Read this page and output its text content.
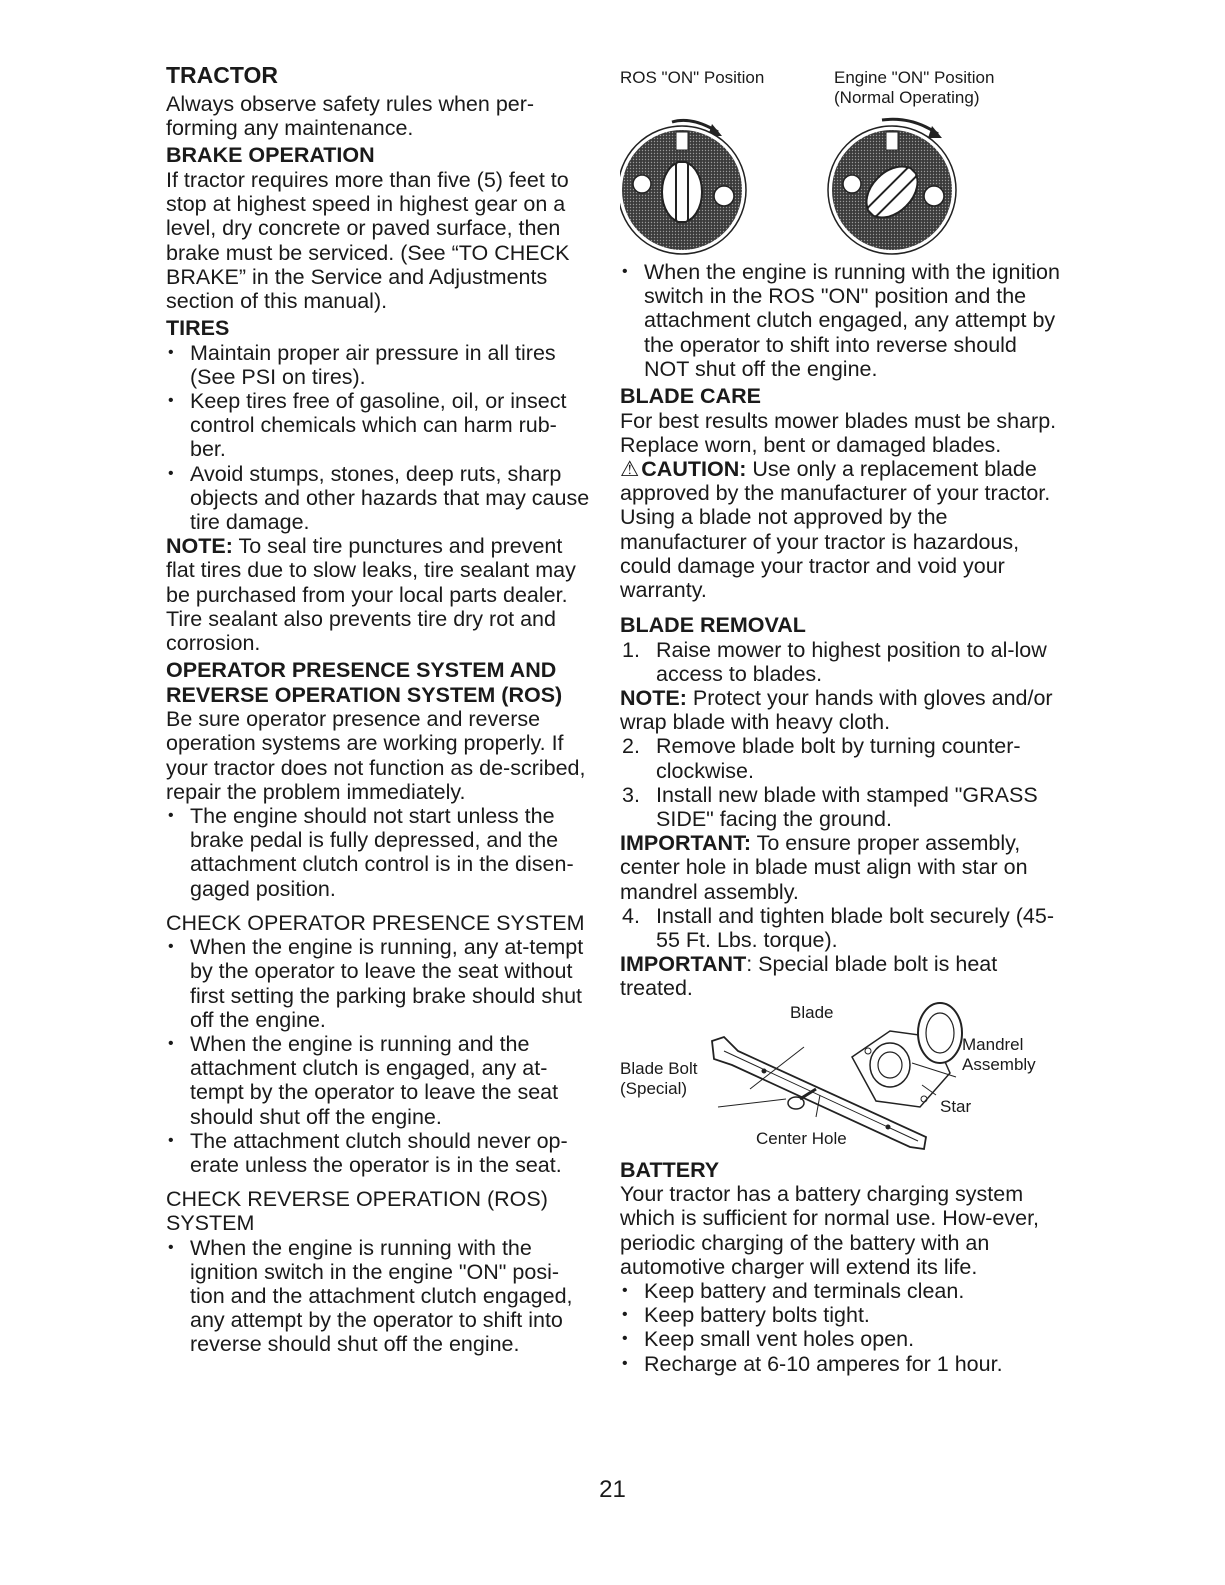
TRACTOR

Always observe safety rules when per-forming any maintenance.

BRAKE OPERATION

If tractor requires more than five (5) feet to stop at highest speed in highest gear on a level, dry concrete or paved surface, then brake must be serviced. (See “TO CHECK BRAKE” in the Service and Adjustments section of this manual).

TIRES

• Maintain proper air pressure in all tires (See PSI on tires).
• Keep tires free of gasoline, oil, or insect control chemicals which can harm rub-ber.
• Avoid stumps, stones, deep ruts, sharp objects and other hazards that may cause tire damage.

NOTE: To seal tire punctures and prevent flat tires due to slow leaks, tire sealant may be purchased from your local parts dealer. Tire sealant also prevents tire dry rot and corrosion.

OPERATOR PRESENCE SYSTEM AND REVERSE OPERATION SYSTEM (ROS)

Be sure operator presence and reverse operation systems are working properly. If your tractor does not function as de-scribed, repair the problem immediately.

• The engine should not start unless the brake pedal is fully depressed, and the attachment clutch control is in the disen-gaged position.

CHECK OPERATOR PRESENCE SYSTEM

• When the engine is running, any at-tempt by the operator to leave the seat without first setting the parking brake should shut off the engine.
• When the engine is running and the attachment clutch is engaged, any at-tempt by the operator to leave the seat should shut off the engine.
• The attachment clutch should never op-erate unless the operator is in the seat.

CHECK REVERSE OPERATION (ROS) SYSTEM

• When the engine is running with the ignition switch in the engine "ON" posi-tion and the attachment clutch engaged, any attempt by the operator to shift into reverse should shut off the engine.
ROS "ON" Position	Engine "ON" Position
(Normal Operating)
• When the engine is running with the ignition switch in the ROS "ON" position and the attachment clutch engaged, any attempt by the operator to shift into reverse should NOT shut off the engine.

BLADE CARE

For best results mower blades must be sharp. Replace worn, bent or damaged blades.

⚠CAUTION: Use only a replacement blade approved by the manufacturer of your tractor. Using a blade not approved by the manufacturer of your tractor is hazardous, could damage your tractor and void your warranty.

BLADE REMOVAL

1. Raise mower to highest position to al-low access to blades.

NOTE: Protect your hands with gloves and/or wrap blade with heavy cloth.

2. Remove blade bolt by turning counter-clockwise.
3. Install new blade with stamped "GRASS SIDE" facing the ground.

IMPORTANT: To ensure proper assembly, center hole in blade must align with star on mandrel assembly.

4. Install and tighten blade bolt securely (45-55 Ft. Lbs. torque).

IMPORTANT: Special blade bolt is heat treated.

Blade
Mandrel
Assembly
Blade Bolt
(Special)
Star
Center Hole

BATTERY

Your tractor has a battery charging system which is sufficient for normal use. How-ever, periodic charging of the battery with an automotive charger will extend its life.

• Keep battery and terminals clean.
• Keep battery bolts tight.
• Keep small vent holes open.
• Recharge at 6-10 amperes for 1 hour.
21
